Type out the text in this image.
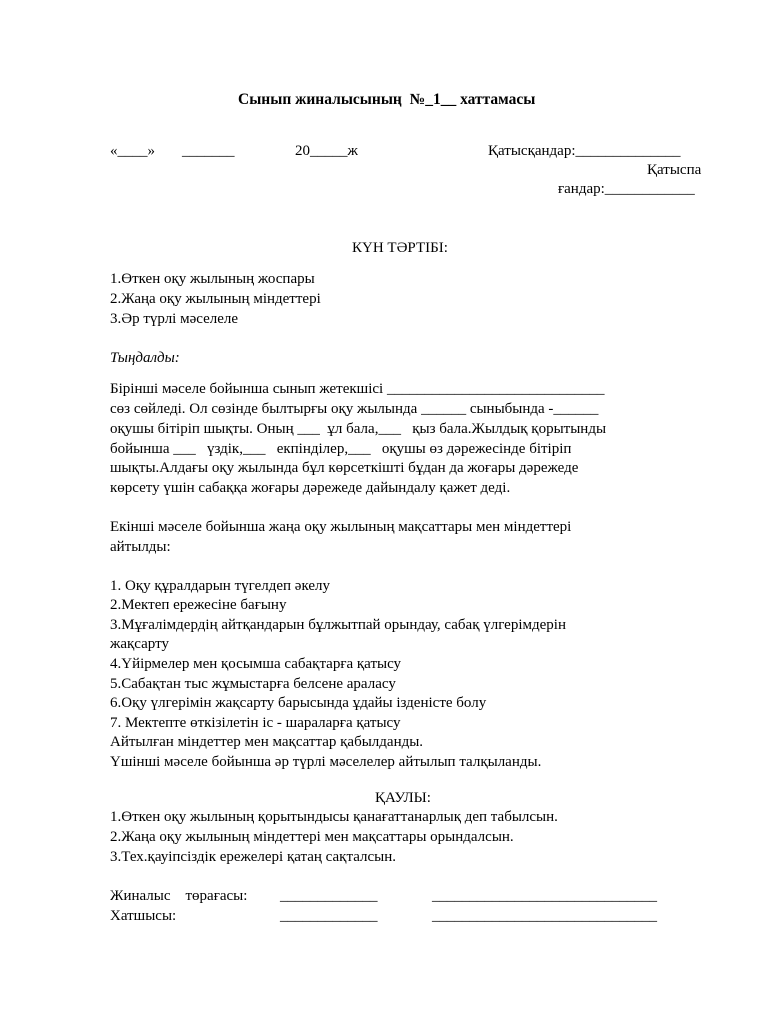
Сынып жиналысының  №_1__ хаттамасы
«____» _______	20_____ж	Қатысқандар:______________
Қатыспа
ғандар:____________
КҮН ТӘРТІБІ:
1.Өткен оқу жылының жоспары
2.Жаңа оқу жылының міндеттері
3.Әр түрлі мәселеле
Тыңдалды:
Бірінші мәселе бойынша сынып жетекшісі _____________________________
сөз сөйледі. Ол сөзінде былтырғы оқу жылында ______ сыныбында -______
оқушы бітіріп шықты. Оның ___  ұл бала,___   қыз бала.Жылдық қорытынды
бойынша ___   үздік,___   екпінділер,___   оқушы өз дәрежесінде бітіріп
шықты.Алдағы оқу жылында бұл көрсеткішті бұдан да жоғары дәрежеде
көрсету үшін сабаққа жоғары дәрежеде дайындалу қажет деді.
Екінші мәселе бойынша жаңа оқу жылының мақсаттары мен міндеттері
айтылды:
1. Оқу құралдарын түгелдеп әкелу
2.Мектеп ережесіне бағыну
3.Мұғалімдердің айтқандарын бұлжытпай орындау, сабақ үлгерімдерін
жақсарту
4.Үйірмелер мен қосымша сабақтарға қатысу
5.Сабақтан тыс жұмыстарға белсене араласу
6.Оқу үлгерімін жақсарту барысында ұдайы ізденісте болу
7. Мектепте өткізілетін іс - шараларға қатысу
Айтылған міндеттер мен мақсаттар қабылданды.
Үшінші мәселе бойынша әр түрлі мәселелер айтылып талқыланды.
ҚАУЛЫ:
1.Өткен оқу жылының қорытындысы қанағаттанарлық деп табылсын.
2.Жаңа оқу жылының міндеттері мен мақсаттары орындалсын.
3.Тех.қауіпсіздік ережелері қатаң сақталсын.
Жиналыс    төрағасы: _____________	______________________________
Хатшысы:	_____________	______________________________
